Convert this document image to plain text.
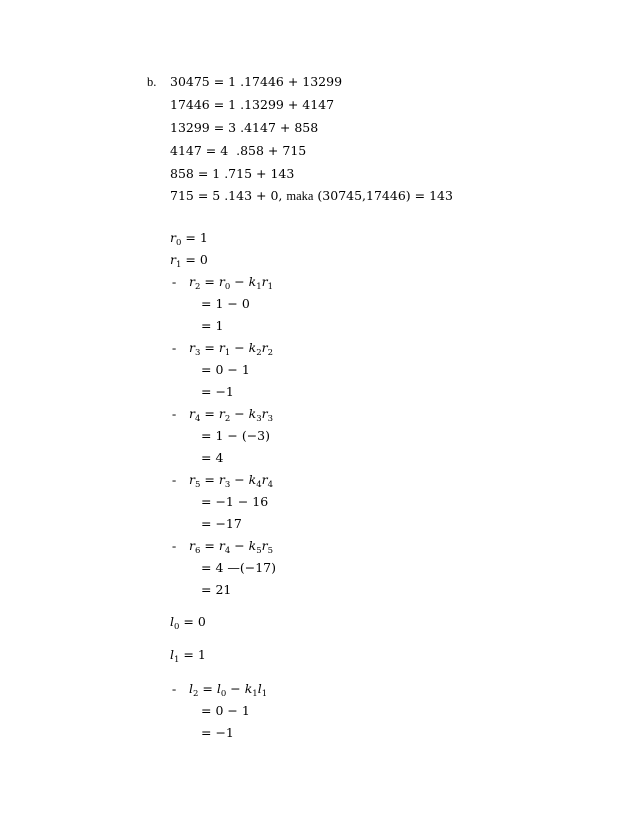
b. 30475 = 1 .17446 + 13299
17446 = 1 .13299 + 4147
13299 = 3 .4147 + 858
4147 = 4  .858 + 715
858 = 1 .715 + 143
715 = 5 .143 + 0, maka (30745,17446) = 143
$r_0 = 1$
$r_1 = 0$
- $r_2 = r_0 - k_1r_1$
= 1 − 0
= 1
- $r_3 = r_1 - k_2r_2$
= 0 − 1
= −1
- $r_4 = r_2 - k_3r_3$
= 1 − (−3)
= 4
- $r_5 = r_3 - k_4r_4$
= −1 − 16
= −17
- $r_6 = r_4 - k_5r_5$
= 4 —(−17)
= 21
$l_0 = 0$
$l_1 = 1$
- $l_2 = l_0 - k_1l_1$
= 0 − 1
= −1
